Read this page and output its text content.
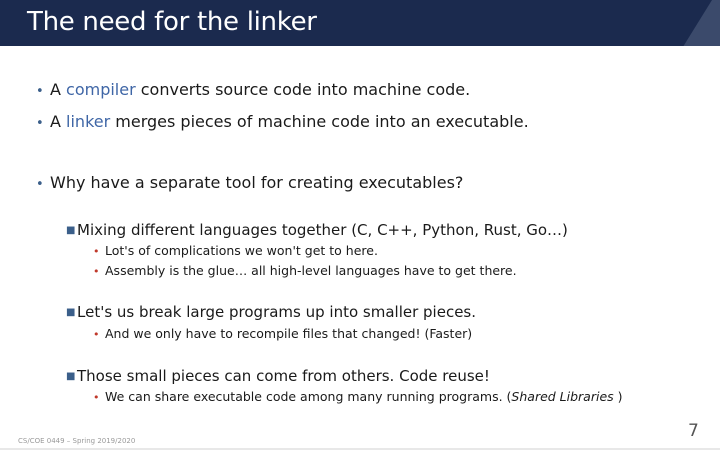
The need for the linker
• A compiler converts source code into machine code.
• A linker merges pieces of machine code into an executable.
• Why have a separate tool for creating executables?
■ Mixing different languages together (C, C++, Python, Rust, Go…)
• Lot's of complications we won't get to here.
• Assembly is the glue… all high-level languages have to get there.
■ Let's us break large programs up into smaller pieces.
• And we only have to recompile files that changed! (Faster)
■ Those small pieces can come from others. Code reuse!
• We can share executable code among many running programs. (Shared Libraries )
CS/COE 0449 – Spring 2019/2020	7
